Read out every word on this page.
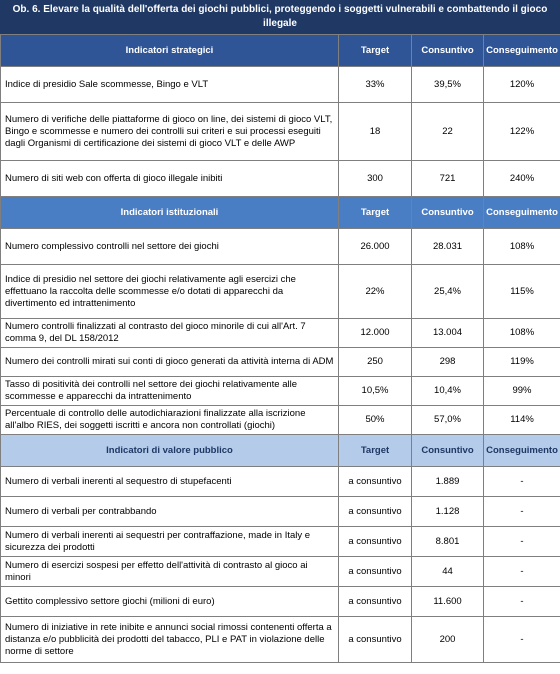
Ob. 6. Elevare la qualità dell'offerta dei giochi pubblici, proteggendo i soggetti vulnerabili e combattendo il gioco illegale
Indicatori strategici	Target	Consuntivo	Conseguimento
Indice di presidio Sale scommesse, Bingo e VLT	33%	39,5%	120%
Numero di verifiche delle piattaforme di gioco on line, dei sistemi di gioco VLT, Bingo e scommesse e numero dei controlli sui criteri e sui processi eseguiti dagli Organismi di certificazione dei sistemi di gioco VLT e delle AWP	18	22	122%
Numero di siti web con offerta di gioco illegale inibiti	300	721	240%
Indicatori istituzionali	Target	Consuntivo	Conseguimento
Numero complessivo controlli nel settore dei giochi	26.000	28.031	108%
Indice di presidio nel settore dei giochi relativamente agli esercizi che effettuano la raccolta delle scommesse e/o dotati di apparecchi da divertimento ed intrattenimento	22%	25,4%	115%
Numero controlli finalizzati al contrasto del gioco minorile di cui all'Art. 7 comma 9, del DL 158/2012	12.000	13.004	108%
Numero dei controlli mirati sui conti di gioco generati da attività interna di ADM	250	298	119%
Tasso di positività dei controlli nel settore dei giochi relativamente alle scommesse e apparecchi da intrattenimento	10,5%	10,4%	99%
Percentuale di controllo delle autodichiarazioni finalizzate alla iscrizione all'albo RIES, dei soggetti iscritti e ancora non controllati (giochi)	50%	57,0%	114%
Indicatori di valore pubblico	Target	Consuntivo	Conseguimento
Numero di verbali inerenti al sequestro di stupefacenti	a consuntivo	1.889	-
Numero di verbali per contrabbando	a consuntivo	1.128	-
Numero di verbali inerenti ai sequestri per contraffazione, made in Italy e sicurezza dei prodotti	a consuntivo	8.801	-
Numero di esercizi sospesi per effetto dell'attività di contrasto al gioco ai minori	a consuntivo	44	-
Gettito complessivo settore giochi (milioni di euro)	a consuntivo	11.600	-
Numero di iniziative in rete inibite e annunci social rimossi contenenti offerta a distanza e/o pubblicità dei prodotti del tabacco, PLI e PAT in violazione delle norme di settore	a consuntivo	200	-
